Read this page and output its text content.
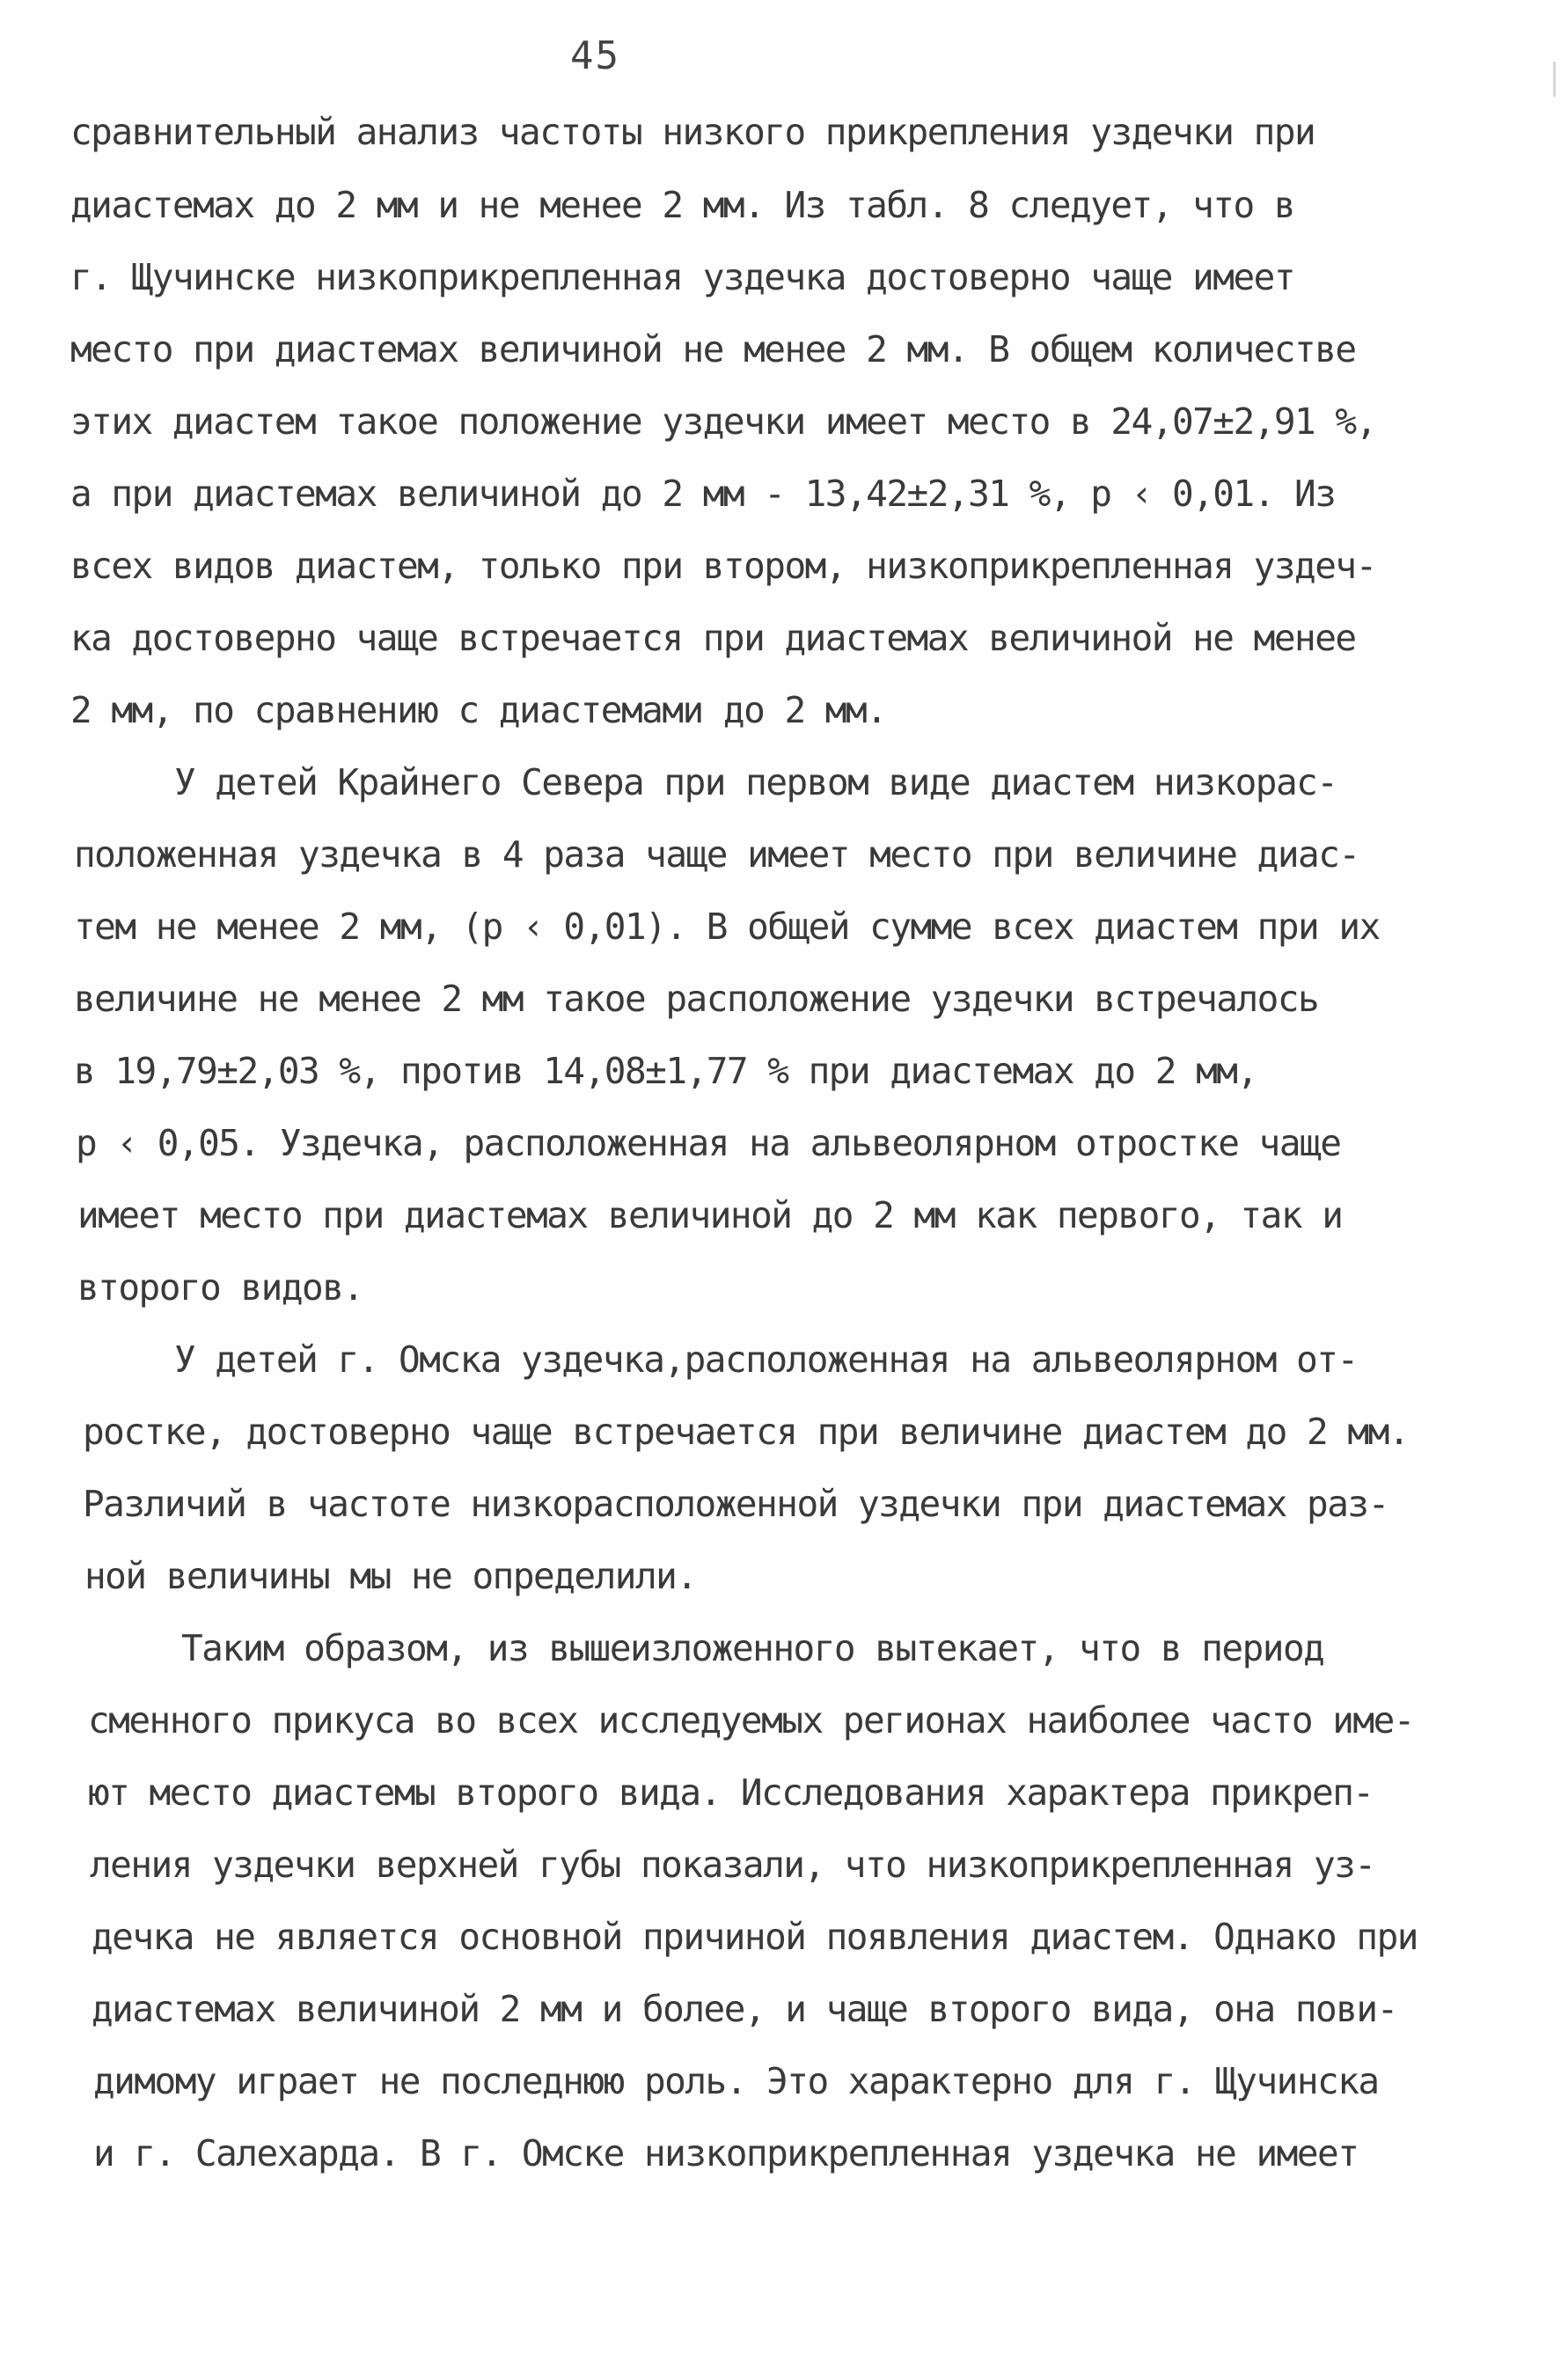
45
сравнительный анализ частоты низкого прикрепления уздечки при
диастемах до 2 мм и не менее 2 мм. Из табл. 8 следует, что в
г. Щучинске низкоприкрепленная уздечка достоверно чаще имеет
место при диастемах величиной не менее 2 мм. В общем количестве
этих диастем такое положение уздечки имеет место в 24,07±2,91 %,
а при диастемах величиной до 2 мм - 13,42±2,31 %, р ‹ 0,01. Из
всех видов диастем, только при втором, низкоприкрепленная уздеч-
ка достоверно чаще встречается при диастемах величиной не менее
2 мм, по сравнению с диастемами до 2 мм.
У детей Крайнего Севера при первом виде диастем низкорас-
положенная уздечка в 4 раза чаще имеет место при величине диас-
тем не менее 2 мм, (р ‹ 0,01). В общей сумме всех диастем при их
величине не менее 2 мм такое расположение уздечки встречалось
в 19,79±2,03 %, против 14,08±1,77 % при диастемах до 2 мм,
р ‹ 0,05. Уздечка, расположенная на альвеолярном отростке чаще
имеет место при диастемах величиной до 2 мм как первого, так и
второго видов.
У детей г. Омска уздечка,расположенная на альвеолярном от-
ростке, достоверно чаще встречается при величине диастем до 2 мм.
Различий в частоте низкорасположенной уздечки при диастемах раз-
ной величины мы не определили.
Таким образом, из вышеизложенного вытекает, что в период
сменного прикуса во всех исследуемых регионах наиболее часто име-
ют место диастемы второго вида. Исследования характера прикреп-
ления уздечки верхней губы показали, что низкоприкрепленная уз-
дечка не является основной причиной появления диастем. Однако при
диастемах величиной 2 мм и более, и чаще второго вида, она пови-
димому играет не последнюю роль. Это характерно для г. Щучинска
и г. Салехарда. В г. Омске низкоприкрепленная уздечка не имеет
